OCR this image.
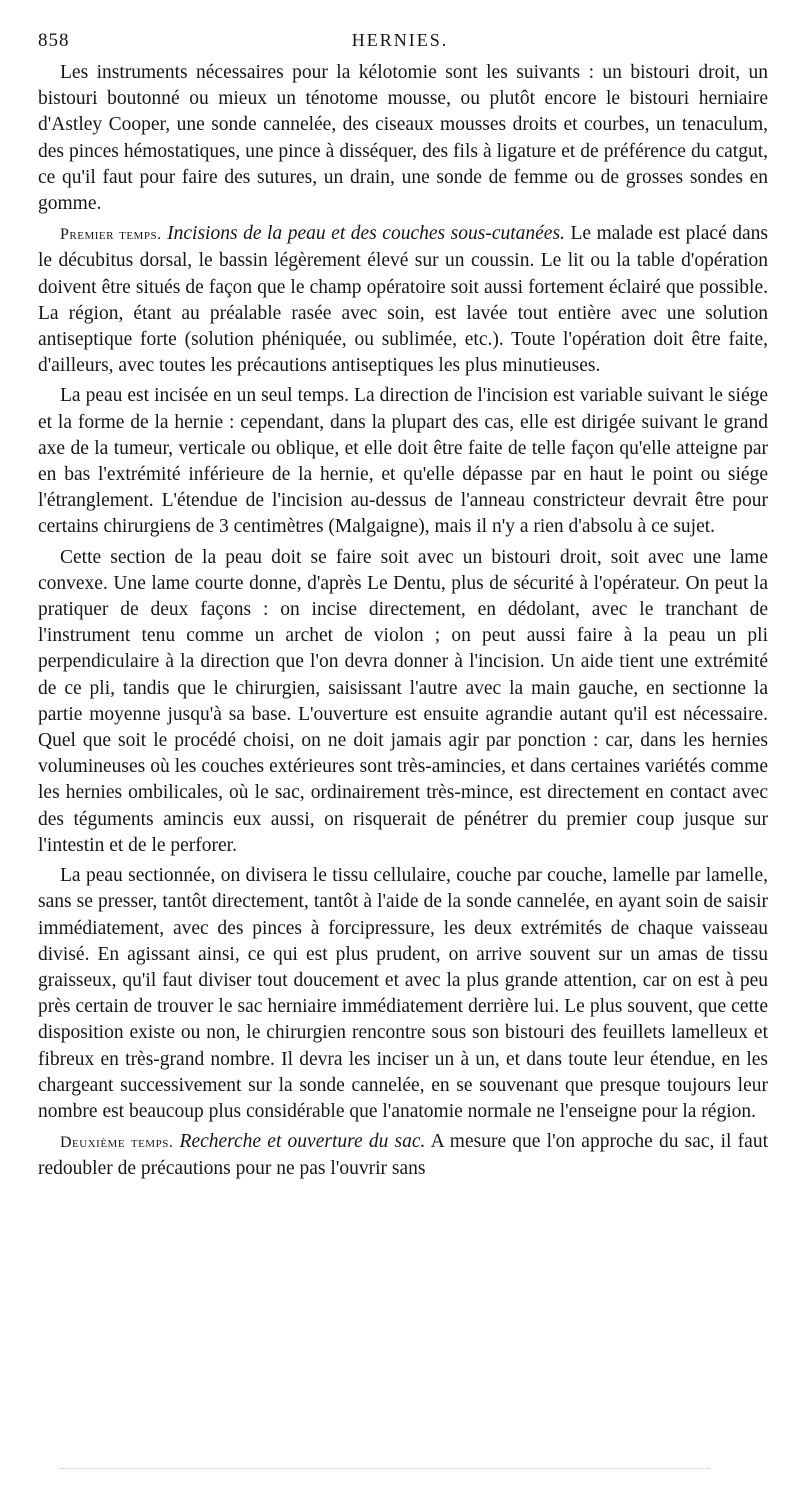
858	HERNIES.

Les instruments nécessaires pour la kélotomie sont les suivants : un bistouri droit, un bistouri boutonné ou mieux un ténotome mousse, ou plutôt encore le bistouri herniaire d'Astley Cooper, une sonde cannelée, des ciseaux mousses droits et courbes, un tenaculum, des pinces hémostatiques, une pince à disséquer, des fils à ligature et de préférence du catgut, ce qu'il faut pour faire des sutures, un drain, une sonde de femme ou de grosses sondes en gomme.

Premier temps. Incisions de la peau et des couches sous-cutanées. Le malade est placé dans le décubitus dorsal, le bassin légèrement élevé sur un coussin. Le lit ou la table d'opération doivent être situés de façon que le champ opératoire soit aussi fortement éclairé que possible. La région, étant au préalable rasée avec soin, est lavée tout entière avec une solution antiseptique forte (solution phéniquée, ou sublimée, etc.). Toute l'opération doit être faite, d'ailleurs, avec toutes les précautions antiseptiques les plus minutieuses.

La peau est incisée en un seul temps. La direction de l'incision est variable suivant le siége et la forme de la hernie : cependant, dans la plupart des cas, elle est dirigée suivant le grand axe de la tumeur, verticale ou oblique, et elle doit être faite de telle façon qu'elle atteigne par en bas l'extrémité inférieure de la hernie, et qu'elle dépasse par en haut le point ou siége l'étranglement. L'étendue de l'incision au-dessus de l'anneau constricteur devrait être pour certains chirurgiens de 3 centimètres (Malgaigne), mais il n'y a rien d'absolu à ce sujet.

Cette section de la peau doit se faire soit avec un bistouri droit, soit avec une lame convexe. Une lame courte donne, d'après Le Dentu, plus de sécurité à l'opérateur. On peut la pratiquer de deux façons : on incise directement, en dédolant, avec le tranchant de l'instrument tenu comme un archet de violon ; on peut aussi faire à la peau un pli perpendiculaire à la direction que l'on devra donner à l'incision. Un aide tient une extrémité de ce pli, tandis que le chirurgien, saisissant l'autre avec la main gauche, en sectionne la partie moyenne jusqu'à sa base. L'ouverture est ensuite agrandie autant qu'il est nécessaire. Quel que soit le procédé choisi, on ne doit jamais agir par ponction : car, dans les hernies volumineuses où les couches extérieures sont très-amincies, et dans certaines variétés comme les hernies ombilicales, où le sac, ordinairement très-mince, est directement en contact avec des téguments amincis eux aussi, on risquerait de pénétrer du premier coup jusque sur l'intestin et de le perforer.

La peau sectionnée, on divisera le tissu cellulaire, couche par couche, lamelle par lamelle, sans se presser, tantôt directement, tantôt à l'aide de la sonde cannelée, en ayant soin de saisir immédiatement, avec des pinces à forcipressure, les deux extrémités de chaque vaisseau divisé. En agissant ainsi, ce qui est plus prudent, on arrive souvent sur un amas de tissu graisseux, qu'il faut diviser tout doucement et avec la plus grande attention, car on est à peu près certain de trouver le sac herniaire immédiatement derrière lui. Le plus souvent, que cette disposition existe ou non, le chirurgien rencontre sous son bistouri des feuillets lamelleux et fibreux en très-grand nombre. Il devra les inciser un à un, et dans toute leur étendue, en les chargeant successivement sur la sonde cannelée, en se souvenant que presque toujours leur nombre est beaucoup plus considérable que l'anatomie normale ne l'enseigne pour la région.

Deuxième temps. Recherche et ouverture du sac. A mesure que l'on approche du sac, il faut redoubler de précautions pour ne pas l'ouvrir sans
